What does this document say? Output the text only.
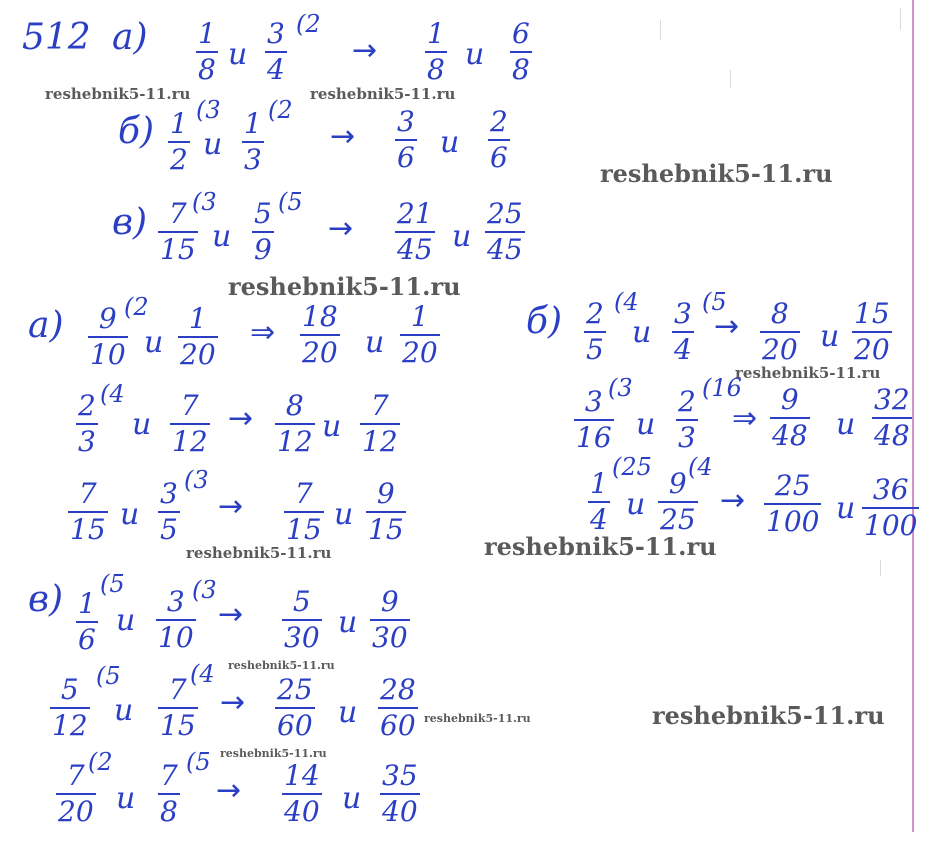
512 $а) \frac{1}{8}$ и $\frac{3}{4} (2$
→ $\frac{1}{8}$ и $\frac{6}{8}$
reshebnik5-11.ru	reshebnik5-11.ru
$б) \frac{1}{2} (3$
и $\frac{1}{3} (2$
→ $\frac{3}{6}$ и $\frac{2}{6}$
reshebnik5-11.ru
$в) \frac{7}{15}$
(3
и $\frac{5}{9} (5$
→ $\frac{21}{45}$ и $\frac{25}{45}$
reshebnik5-11.ru
$а) \frac{9}{10}$
(2
и $\frac{1}{20}$ ⇒ $\frac{18}{20}$ и $\frac{1}{20} б) \frac{2}{5} (4$
и $\frac{3}{4} (5$
→ $\frac{8}{20}$ и $\frac{15}{20}$
reshebnik5-11.ru
$\frac{2}{3} (4$
и $\frac{7}{12} \to \frac{8}{12}$ и $\frac{7}{12}$	$\frac{3}{16}$
(3
и $\frac{2}{3} (16$
⇒ $\frac{9}{48}$ и $\frac{32}{48}$
$\frac{1}{4}$
(25
и $\frac{9}{25}$
(4
→ $\frac{25}{100}$ и $\frac{36}{100}$
$\frac{7}{15}$ и $\frac{3}{5} (3$
→ $\frac{7}{15}$ и $\frac{9}{15}$
reshebnik5-11.ru
reshebnik5-11.ru
$в) \frac{1}{6}$
(5
и $\frac{3}{10}$
(3
→ $\frac{5}{30}$ и $\frac{9}{30}$
reshebnik5-11.ru
$\frac{5}{12} (5$
и $\frac{7}{15}$
(4
→ $\frac{25}{60}$ и $\frac{28}{60}$ reshebnik5-11.ru	reshebnik5-11.ru
reshebnik5-11.ru
$\frac{7}{20}$
(2
и $\frac{7}{8} (5$
→ $\frac{14}{40}$ и $\frac{35}{40}$
